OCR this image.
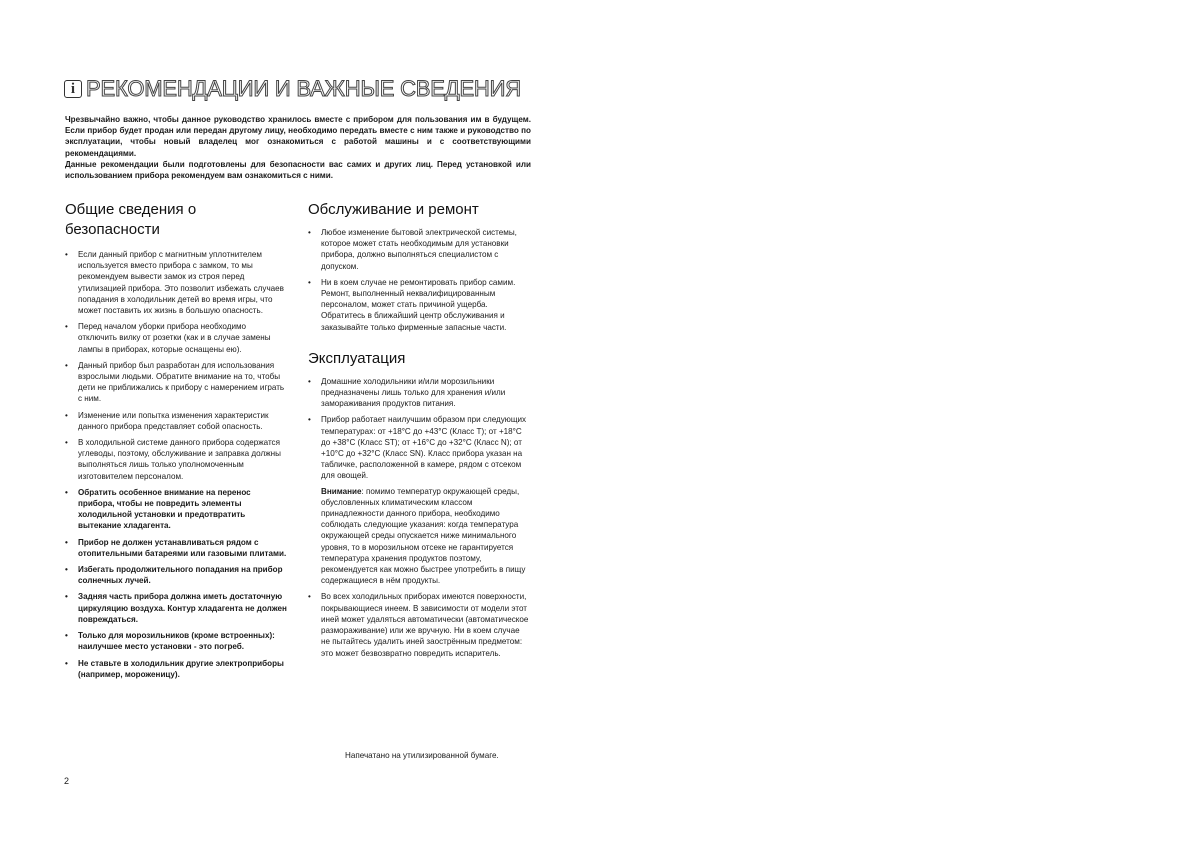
i РЕКОМЕНДАЦИИ И ВАЖНЫЕ СВЕДЕНИЯ

Чрезвычайно важно, чтобы данное руководство хранилось вместе с прибором для пользования им в будущем. Если прибор будет продан или передан другому лицу, необходимо передать вместе с ним также и руководство по эксплуатации, чтобы новый владелец мог ознакомиться с работой машины и с соответствующими рекомендациями.

Данные рекомендации были подготовлены для безопасности вас самих и других лиц. Перед установкой или использованием прибора рекомендуем вам ознакомиться с ними.

Общие сведения о безопасности
• Если данный прибор с магнитным уплотнителем используется вместо прибора с замком, то мы рекомендуем вывести замок из строя перед утилизацией прибора. Это позволит избежать случаев попадания в холодильник детей во время игры, что может поставить их жизнь в большую опасность.
• Перед началом уборки прибора необходимо отключить вилку от розетки (как и в случае замены лампы в приборах, которые оснащены ею).
• Данный прибор был разработан для использования взрослыми людьми. Обратите внимание на то, чтобы дети не приближались к прибору с намерением играть с ним.
• Изменение или попытка изменения характеристик данного прибора представляет собой опасность.
• В холодильной системе данного прибора содержатся углеводы, поэтому, обслуживание и заправка должны выполняться лишь только уполномоченным изготовителем персоналом.
• Обратить особенное внимание на перенос прибора, чтобы не повредить элементы холодильной установки и предотвратить вытекание хладагента.
• Прибор не должен устанавливаться рядом с отопительными батареями или газовыми плитами.
• Избегать продолжительного попадания на прибор солнечных лучей.
• Задняя часть прибора должна иметь достаточную циркуляцию воздуха. Контур хладагента не должен повреждаться.
• Только для морозильников (кроме встроенных): наилучшее место установки - это погреб.
• Не ставьте в холодильник другие электроприборы (например, мороженицу).
Обслуживание и ремонт
• Любое изменение бытовой электрической системы, которое может стать необходимым для установки прибора, должно выполняться специалистом с допуском.
• Ни в коем случае не ремонтировать прибор самим. Ремонт, выполненный неквалифицированным персоналом, может стать причиной ущерба. Обратитесь в ближайший центр обслуживания и заказывайте только фирменные запасные части.
Эксплуатация
• Домашние холодильники и/или морозильники предназначены лишь только для хранения и/или замораживания продуктов питания.
• Прибор работает наилучшим образом при следующих температурах: от +18°С до +43°С (Класс Т); от +18°С до +38°С (Класс ST); от +16°С до +32°С (Класс N); от +10°С до +32°С (Класс SN). Класс прибора указан на табличке, расположенной в камере, рядом с отсеком для овощей.
Внимание: помимо температур окружающей среды, обусловленных климатическим классом принадлежности данного прибора, необходимо соблюдать следующие указания: когда температура окружающей среды опускается ниже минимального уровня, то в морозильном отсеке не гарантируется температура хранения продуктов поэтому, рекомендуется как можно быстрее употребить в пищу содержащиеся в нём продукты.
• Во всех холодильных приборах имеются поверхности, покрывающиеся инеем. В зависимости от модели этот иней может удаляться автоматически (автоматическое размораживание) или же вручную. Ни в коем случае не пытайтесь удалить иней заострённым предметом: это может безвозвратно повредить испаритель.
Напечатано на утилизированной бумаге.
2
